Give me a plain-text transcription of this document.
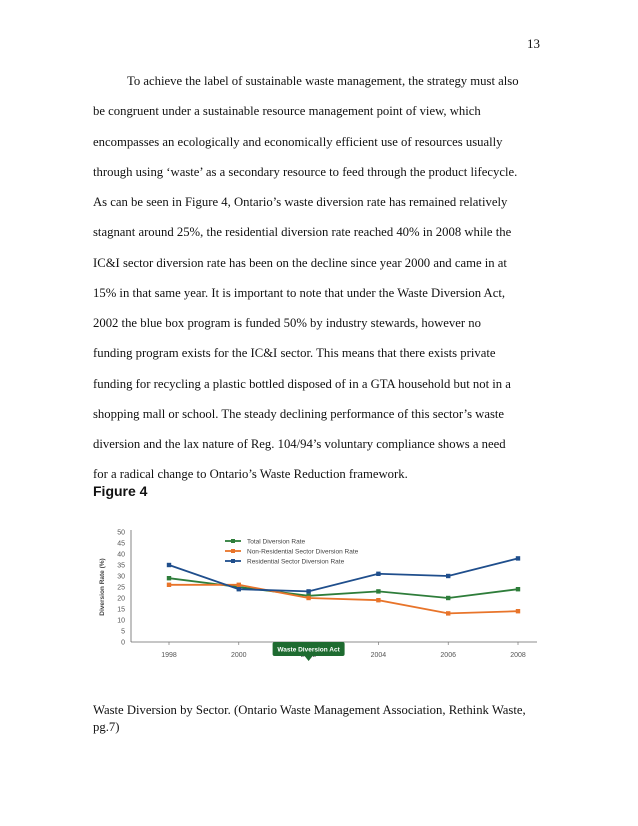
13
To achieve the label of sustainable waste management, the strategy must also
be congruent under a sustainable resource management point of view, which
encompasses an ecologically and economically efficient use of resources usually
through using ‘waste’ as a secondary resource to feed through the product lifecycle.
As can be seen in Figure 4, Ontario’s waste diversion rate has remained relatively
stagnant around 25%, the residential diversion rate reached 40% in 2008 while the
IC&I sector diversion rate has been on the decline since year 2000 and came in at
15% in that same year. It is important to note that under the Waste Diversion Act,
2002 the blue box program is funded 50% by industry stewards, however no
funding program exists for the IC&I sector. This means that there exists private
funding for recycling a plastic bottled disposed of in a GTA household but not in a
shopping mall or school. The steady declining performance of this sector’s waste
diversion and the lax nature of Reg. 104/94’s voluntary compliance shows a need
for a radical change to Ontario’s Waste Reduction framework.
Figure 4
0
5
10
15
20
25
30
35
40
45
50
1998	2000	2004	2006	2008
Diversion Rate (%)
Total Diversion Rate
Non-Residential Sector Diversion Rate
Residential Sector Diversion Rate
Waste Diversion Act
Waste Diversion by Sector. (Ontario Waste Management Association, Rethink Waste, pg.7)
